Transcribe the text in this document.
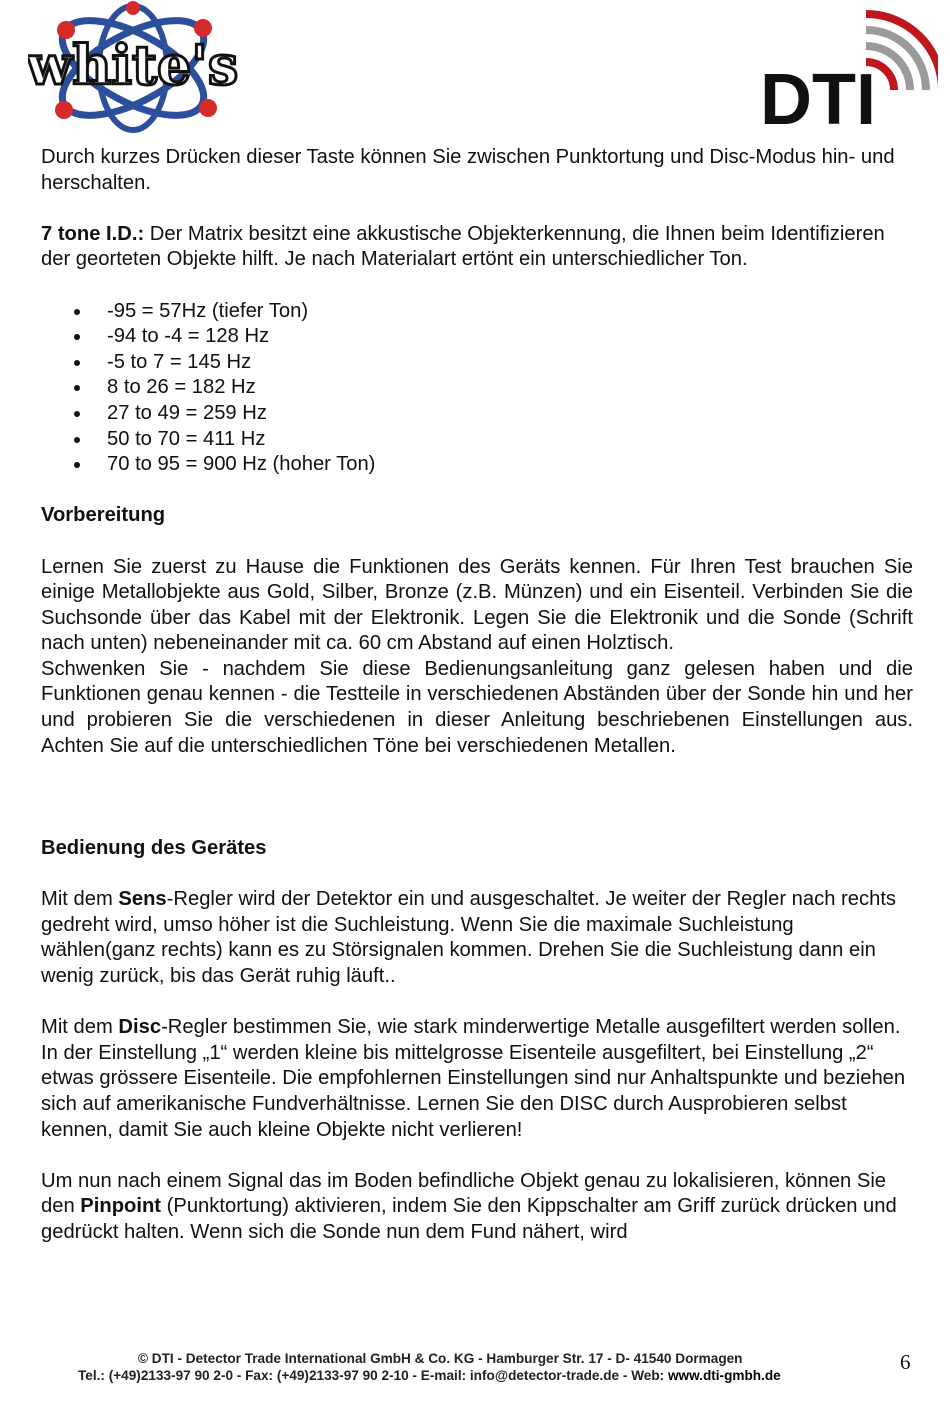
white's	DTI

Durch kurzes Drücken dieser Taste können Sie zwischen Punktortung und Disc-Modus hin- und herschalten.

7 tone I.D.: Der Matrix besitzt eine akkustische Objekterkennung, die Ihnen beim Identifizieren der georteten Objekte hilft. Je nach Materialart ertönt ein unterschiedlicher Ton.

-95 = 57Hz (tiefer Ton)
-94 to -4 = 128 Hz
-5 to 7 = 145 Hz
8 to 26 = 182 Hz
27 to 49 = 259 Hz
50 to 70 = 411 Hz
70 to 95 = 900 Hz (hoher Ton)

Vorbereitung

Lernen Sie zuerst zu Hause die Funktionen des Geräts kennen. Für Ihren Test brauchen Sie einige Metallobjekte aus Gold, Silber, Bronze (z.B. Münzen) und ein Eisenteil. Verbinden Sie die Suchsonde über das Kabel mit der Elektronik. Legen Sie die Elektronik und die Sonde (Schrift nach unten) nebeneinander mit ca. 60 cm Abstand auf einen Holztisch.

Schwenken Sie - nachdem Sie diese Bedienungsanleitung ganz gelesen haben und die Funktionen genau kennen - die Testteile in verschiedenen Abständen über der Sonde hin und her und probieren Sie die verschiedenen in dieser Anleitung beschriebenen Einstellungen aus. Achten Sie auf die unterschiedlichen Töne bei verschiedenen Metallen.

Bedienung des Gerätes

Mit dem Sens-Regler wird der Detektor ein und ausgeschaltet. Je weiter der Regler nach rechts gedreht wird, umso höher ist die Suchleistung. Wenn Sie die maximale Suchleistung wählen(ganz rechts) kann es zu Störsignalen kommen. Drehen Sie die Suchleistung dann ein wenig zurück, bis das Gerät ruhig läuft..

Mit dem Disc-Regler bestimmen Sie, wie stark minderwertige Metalle ausgefiltert werden sollen. In der Einstellung „1“ werden kleine bis mittelgrosse Eisenteile ausgefiltert, bei Einstellung „2“ etwas grössere Eisenteile. Die empfohlernen Einstellungen sind nur Anhaltspunkte und beziehen sich auf amerikanische Fundverhältnisse. Lernen Sie den DISC durch Ausprobieren selbst kennen, damit Sie auch kleine Objekte nicht verlieren!

Um nun nach einem Signal das im Boden befindliche Objekt genau zu lokalisieren, können Sie den Pinpoint (Punktortung) aktivieren, indem Sie den Kippschalter am Griff zurück drücken und gedrückt halten. Wenn sich die Sonde nun dem Fund nähert, wird

© DTI - Detector Trade International GmbH & Co. KG - Hamburger Str. 17 - D- 41540 Dormagen
Tel.: (+49)2133-97 90 2-0 - Fax: (+49)2133-97 90 2-10 - E-mail: info@detector-trade.de - Web: www.dti-gmbh.de
6
